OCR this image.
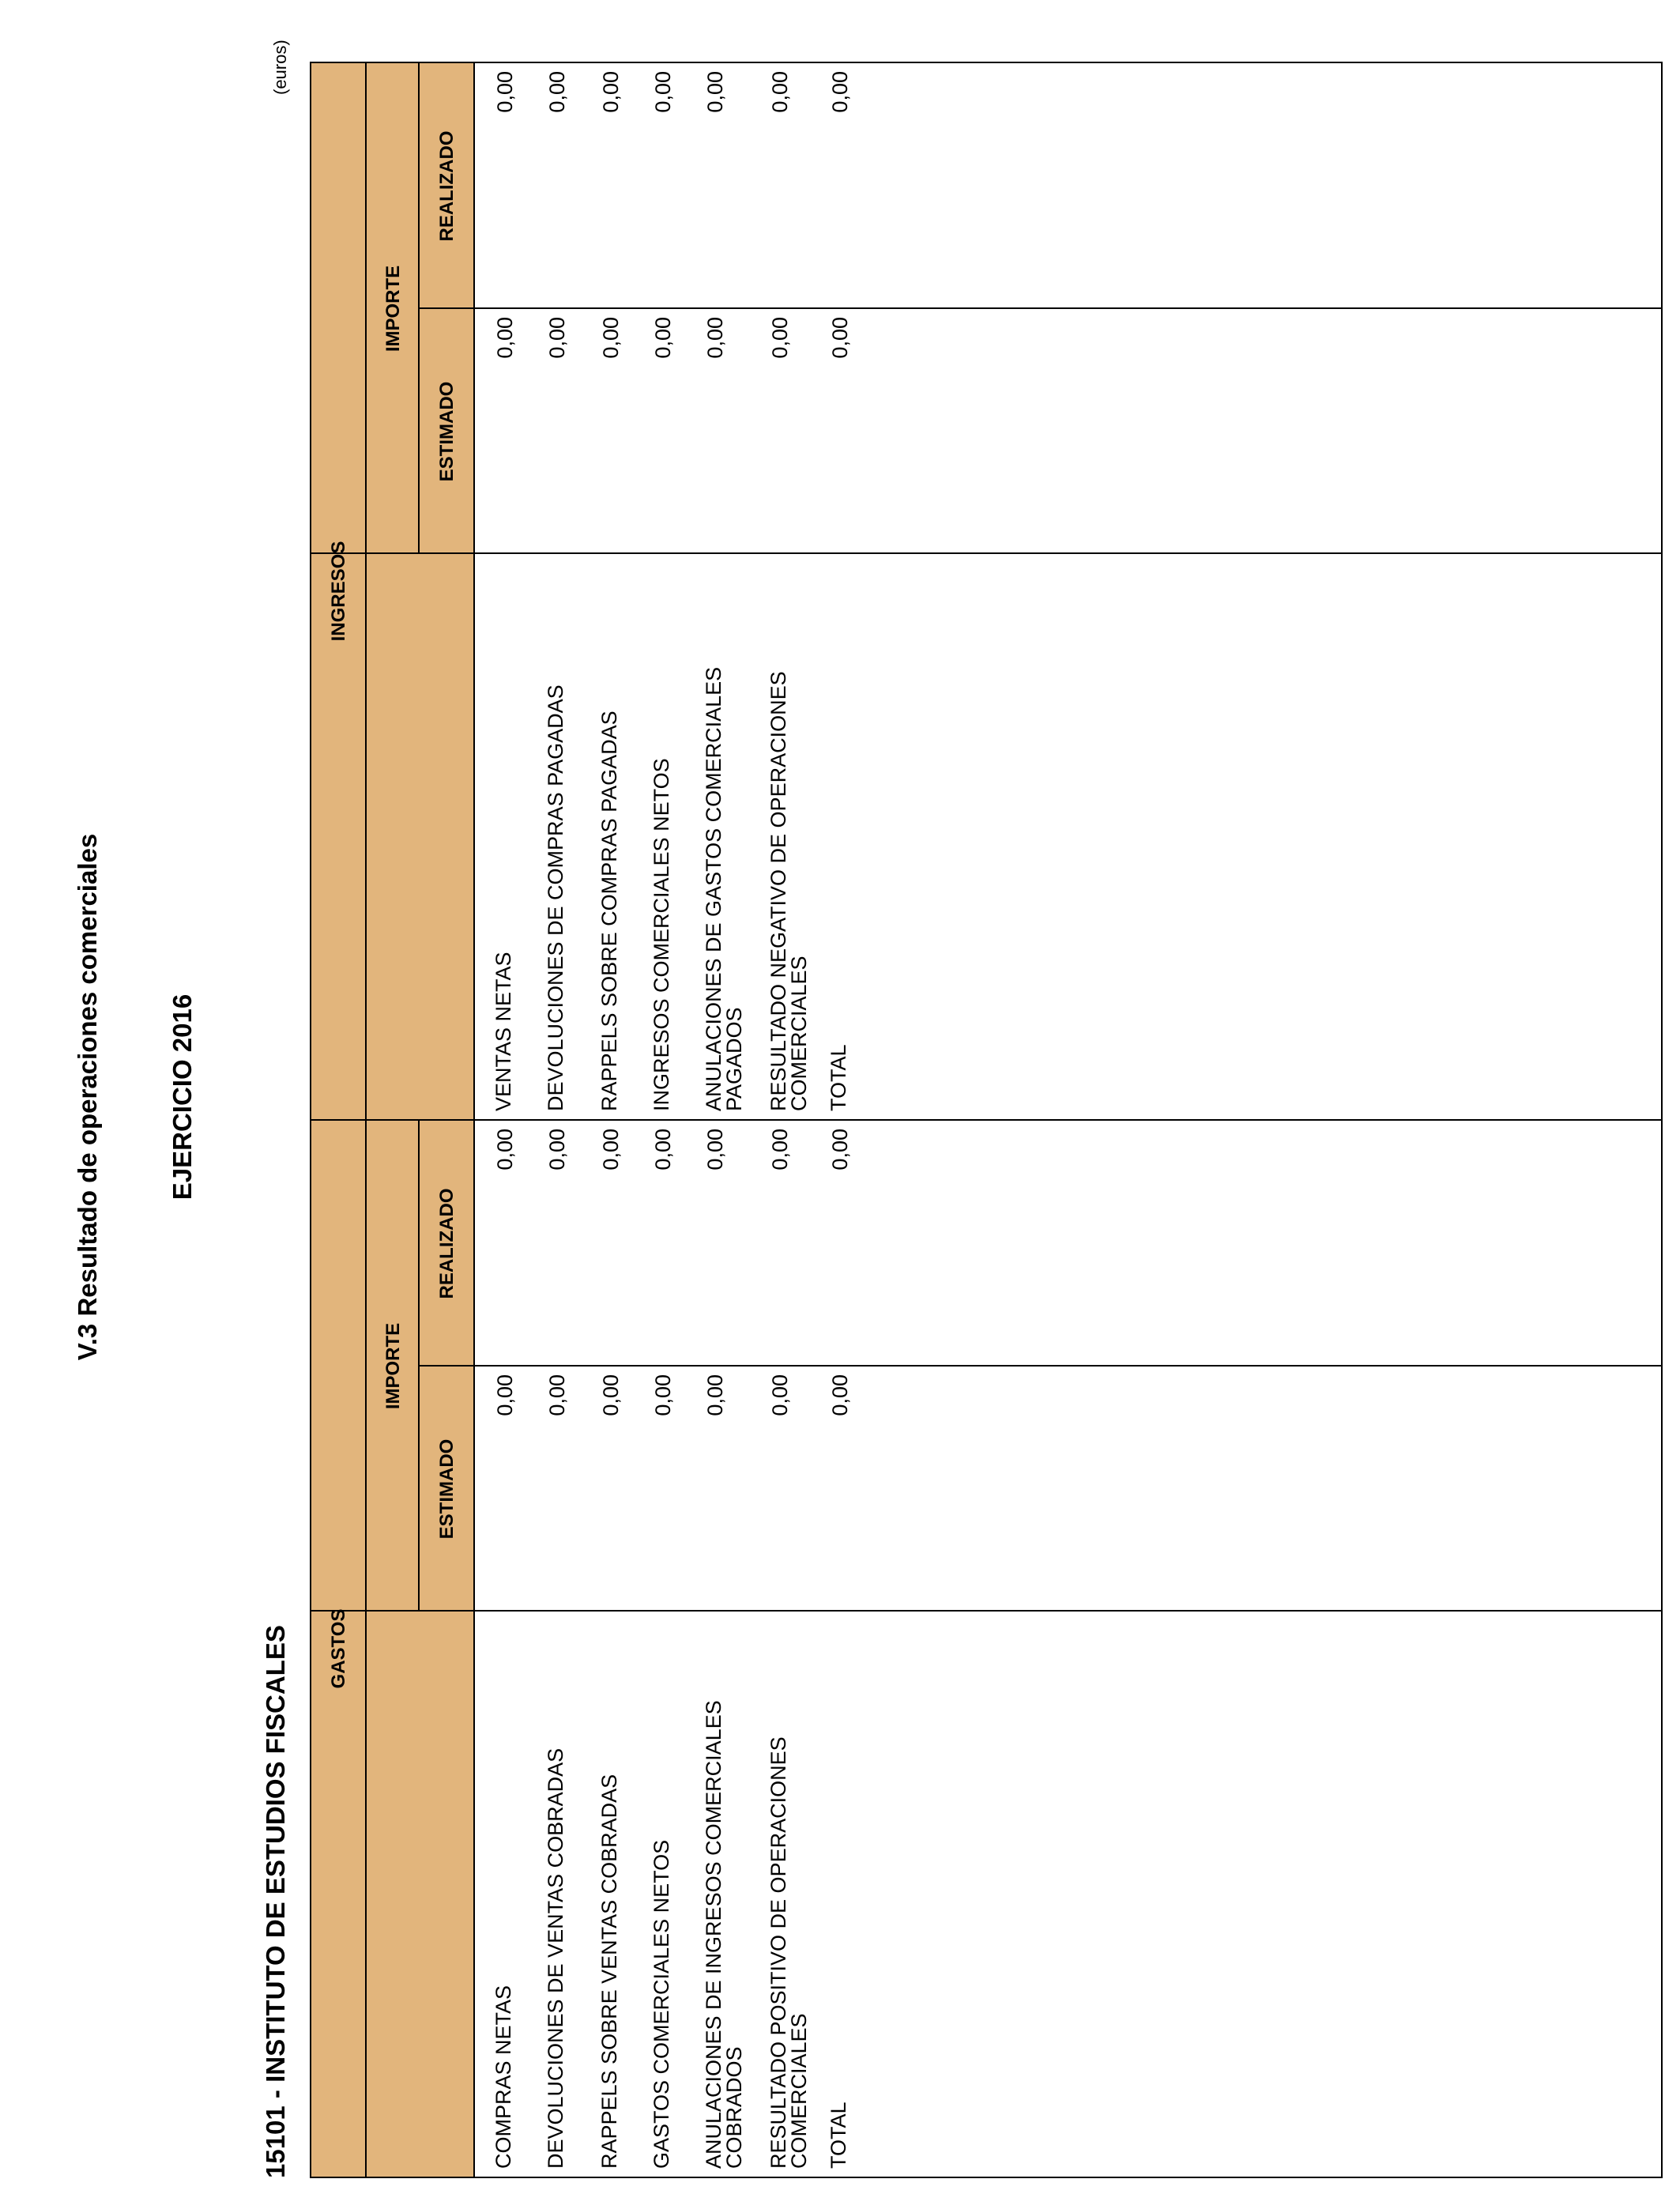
V.3 Resultado de operaciones comerciales	EJERCICIO 2016
15101 - INSTITUTO DE ESTUDIOS FISCALES
(euros)
GASTOS
IMPORTE
ESTIMADO
REALIZADO
COMPRAS NETAS
0,00
0,00
DEVOLUCIONES DE VENTAS COBRADAS
0,00
0,00
RAPPELS SOBRE VENTAS COBRADAS
0,00
0,00
GASTOS COMERCIALES NETOS
0,00
0,00
ANULACIONES DE INGRESOS COMERCIALES COBRADOS
0,00
0,00
RESULTADO POSITIVO DE OPERACIONES COMERCIALES
0,00
0,00
TOTAL
0,00
0,00
INGRESOS
IMPORTE
ESTIMADO
REALIZADO
VENTAS NETAS
0,00
0,00
DEVOLUCIONES DE COMPRAS PAGADAS
0,00
0,00
RAPPELS SOBRE COMPRAS PAGADAS
0,00
0,00
INGRESOS COMERCIALES NETOS
0,00
0,00
ANULACIONES DE GASTOS COMERCIALES PAGADOS
0,00
0,00
RESULTADO NEGATIVO DE OPERACIONES COMERCIALES
0,00
0,00
TOTAL
0,00
0,00
